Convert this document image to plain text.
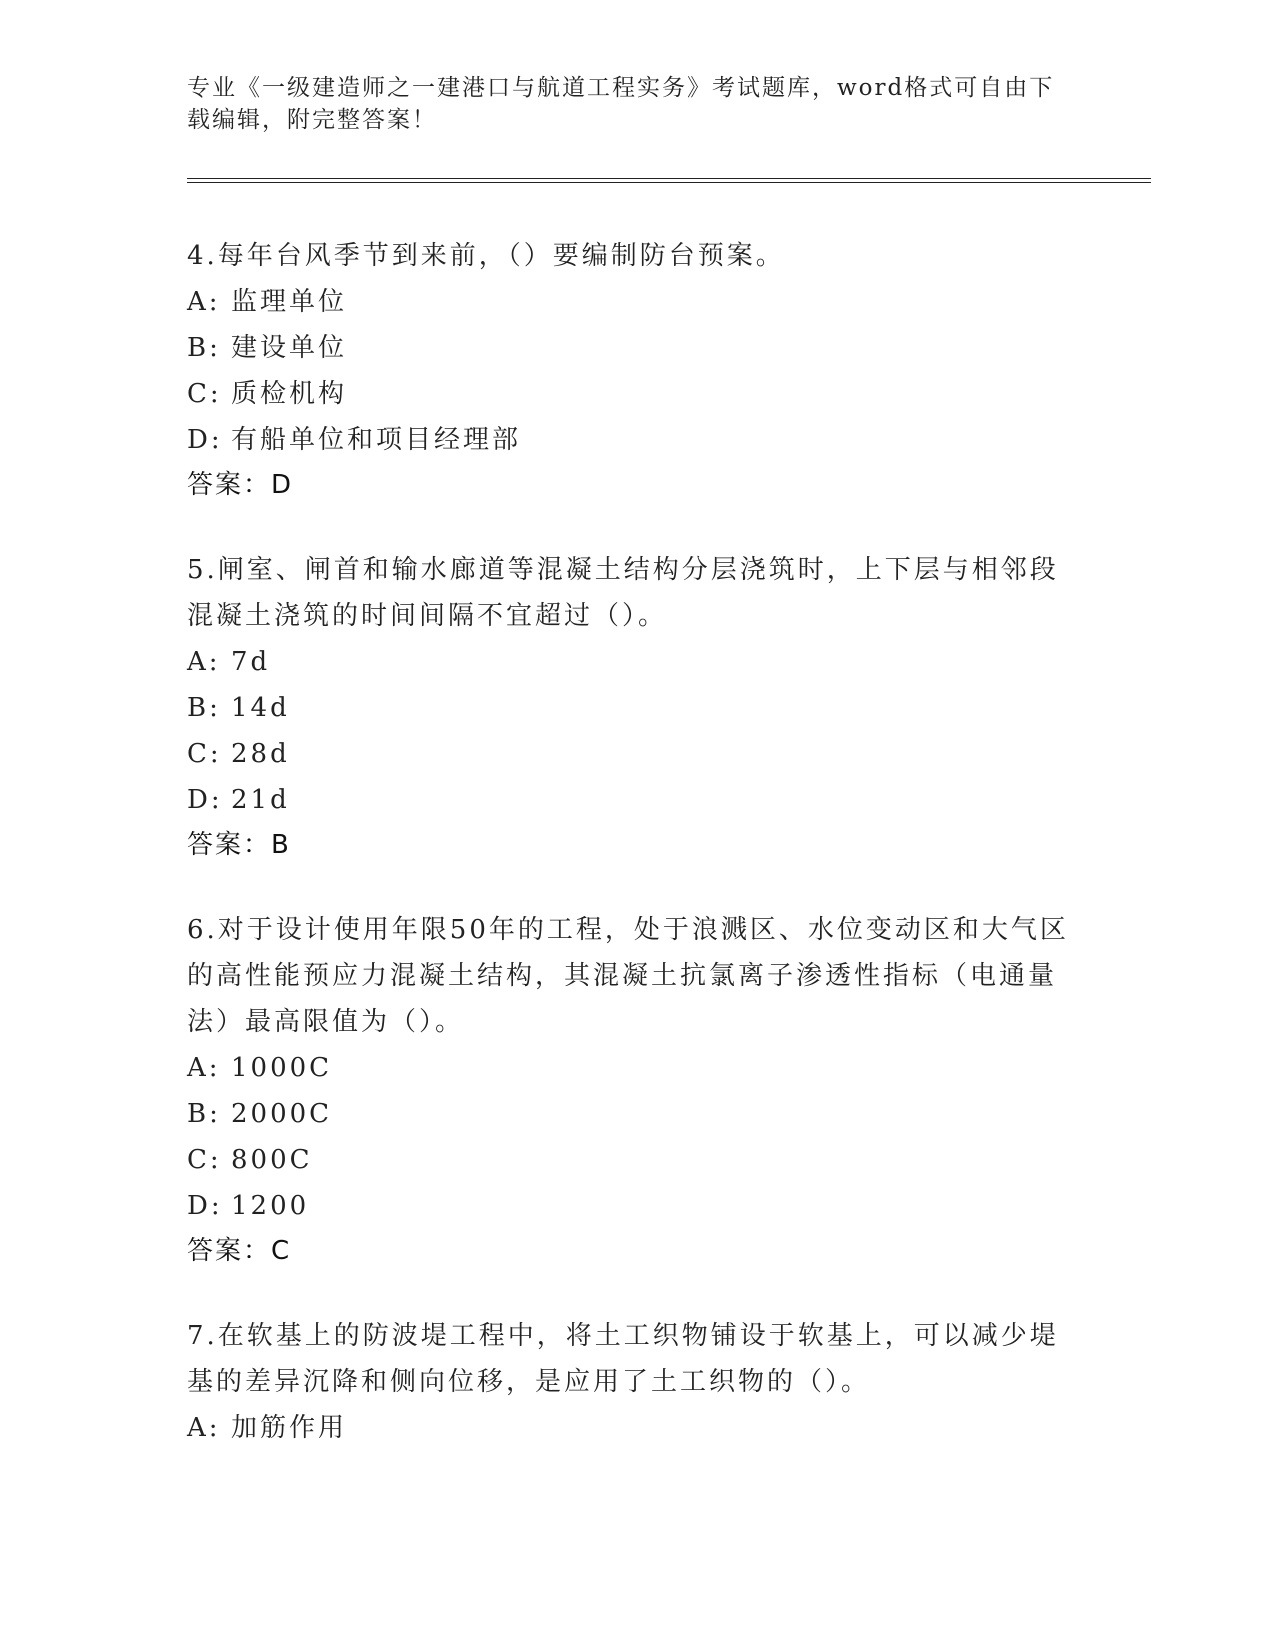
专业《一级建造师之一建港口与航道工程实务》考试题库，word格式可自由下载编辑，附完整答案！

4.每年台风季节到来前，（）要编制防台预案。

A: 监理单位

B: 建设单位

C: 质检机构

D: 有船单位和项目经理部

答案：D

5.闸室、闸首和输水廊道等混凝土结构分层浇筑时，上下层与相邻段混凝土浇筑的时间间隔不宜超过（）。

A: 7d

B: 14d

C: 28d

D: 21d

答案：B

6.对于设计使用年限50年的工程，处于浪溅区、水位变动区和大气区的高性能预应力混凝土结构，其混凝土抗氯离子渗透性指标（电通量法）最高限值为（）。

A: 1000C

B: 2000C

C: 800C

D: 1200

答案：C

7.在软基上的防波堤工程中，将土工织物铺设于软基上，可以减少堤基的差异沉降和侧向位移，是应用了土工织物的（）。

A: 加筋作用
